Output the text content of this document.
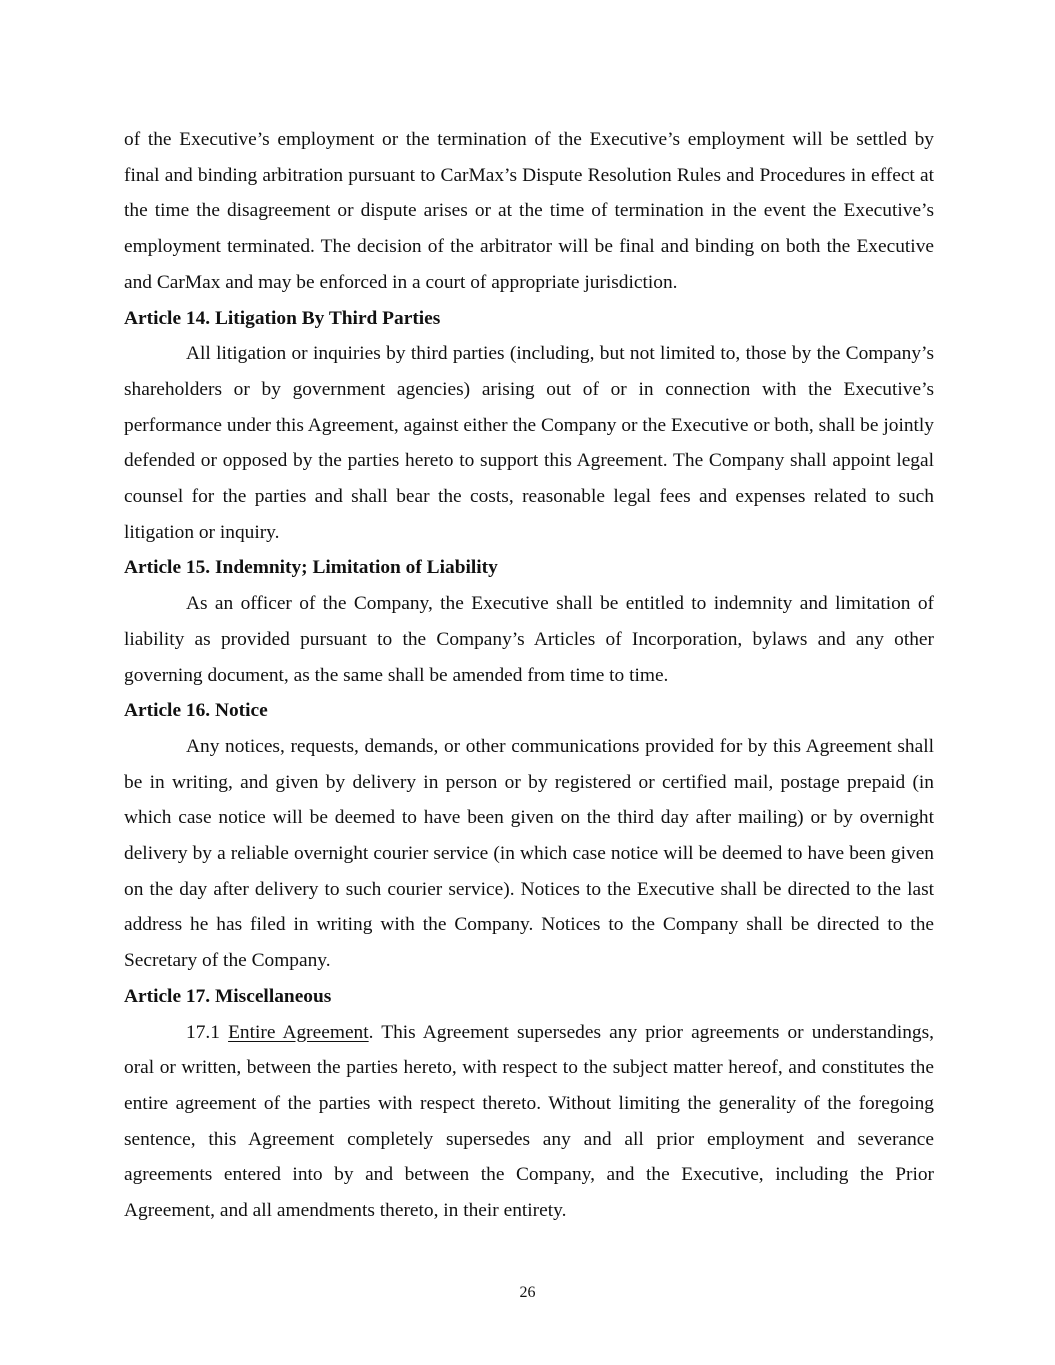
of the Executive’s employment or the termination of the Executive’s employment will be settled by final and binding arbitration pursuant to CarMax’s Dispute Resolution Rules and Procedures in effect at the time the disagreement or dispute arises or at the time of termination in the event the Executive’s employment terminated. The decision of the arbitrator will be final and binding on both the Executive and CarMax and may be enforced in a court of appropriate jurisdiction.

Article 14. Litigation By Third Parties

All litigation or inquiries by third parties (including, but not limited to, those by the Company’s shareholders or by government agencies) arising out of or in connection with the Executive’s performance under this Agreement, against either the Company or the Executive or both, shall be jointly defended or opposed by the parties hereto to support this Agreement. The Company shall appoint legal counsel for the parties and shall bear the costs, reasonable legal fees and expenses related to such litigation or inquiry.

Article 15. Indemnity; Limitation of Liability

As an officer of the Company, the Executive shall be entitled to indemnity and limitation of liability as provided pursuant to the Company’s Articles of Incorporation, bylaws and any other governing document, as the same shall be amended from time to time.

Article 16. Notice

Any notices, requests, demands, or other communications provided for by this Agreement shall be in writing, and given by delivery in person or by registered or certified mail, postage prepaid (in which case notice will be deemed to have been given on the third day after mailing) or by overnight delivery by a reliable overnight courier service (in which case notice will be deemed to have been given on the day after delivery to such courier service). Notices to the Executive shall be directed to the last address he has filed in writing with the Company. Notices to the Company shall be directed to the Secretary of the Company.

Article 17. Miscellaneous

17.1 Entire Agreement. This Agreement supersedes any prior agreements or understandings, oral or written, between the parties hereto, with respect to the subject matter hereof, and constitutes the entire agreement of the parties with respect thereto. Without limiting the generality of the foregoing sentence, this Agreement completely supersedes any and all prior employment and severance agreements entered into by and between the Company, and the Executive, including the Prior Agreement, and all amendments thereto, in their entirety.

26
